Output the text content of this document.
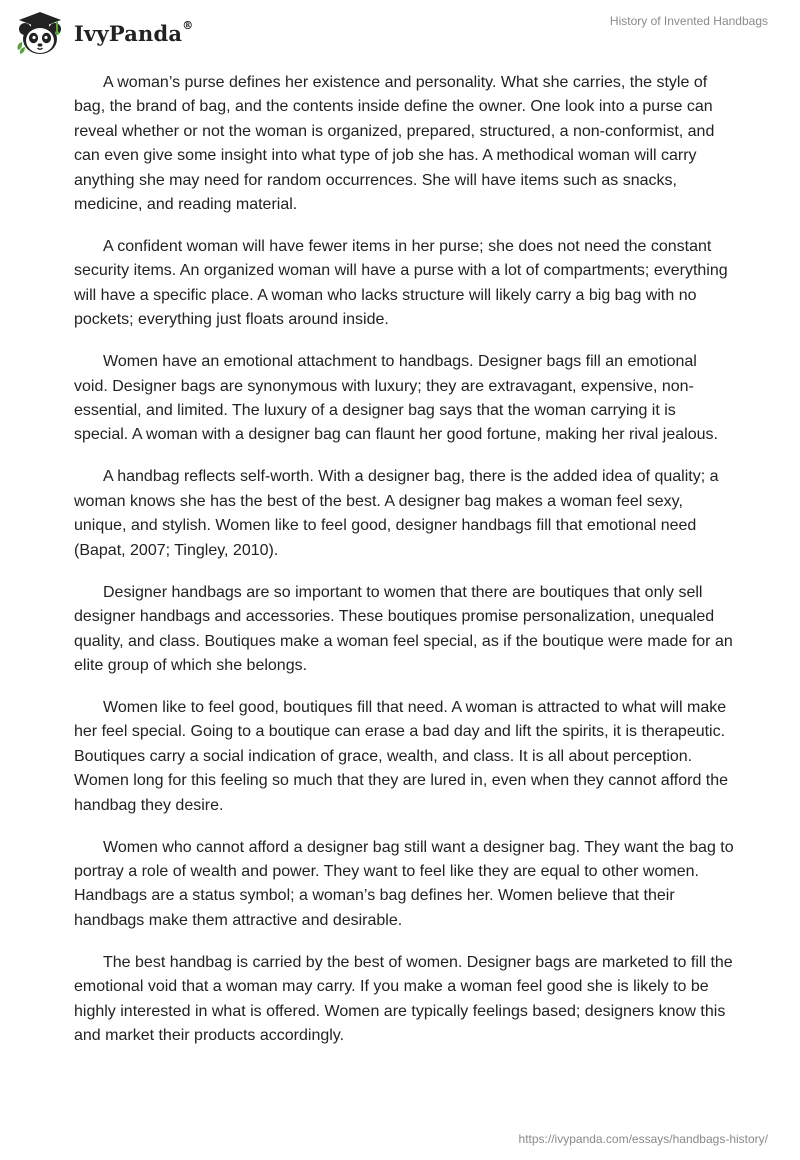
IvyPanda®	History of Invented Handbags

A woman’s purse defines her existence and personality. What she carries, the style of bag, the brand of bag, and the contents inside define the owner. One look into a purse can reveal whether or not the woman is organized, prepared, structured, a non-conformist, and can even give some insight into what type of job she has. A methodical woman will carry anything she may need for random occurrences. She will have items such as snacks, medicine, and reading material.

A confident woman will have fewer items in her purse; she does not need the constant security items. An organized woman will have a purse with a lot of compartments; everything will have a specific place. A woman who lacks structure will likely carry a big bag with no pockets; everything just floats around inside.

Women have an emotional attachment to handbags. Designer bags fill an emotional void. Designer bags are synonymous with luxury; they are extravagant, expensive, non-essential, and limited. The luxury of a designer bag says that the woman carrying it is special. A woman with a designer bag can flaunt her good fortune, making her rival jealous.

A handbag reflects self-worth. With a designer bag, there is the added idea of quality; a woman knows she has the best of the best. A designer bag makes a woman feel sexy, unique, and stylish. Women like to feel good, designer handbags fill that emotional need (Bapat, 2007; Tingley, 2010).

Designer handbags are so important to women that there are boutiques that only sell designer handbags and accessories. These boutiques promise personalization, unequaled quality, and class. Boutiques make a woman feel special, as if the boutique were made for an elite group of which she belongs.

Women like to feel good, boutiques fill that need. A woman is attracted to what will make her feel special. Going to a boutique can erase a bad day and lift the spirits, it is therapeutic. Boutiques carry a social indication of grace, wealth, and class. It is all about perception. Women long for this feeling so much that they are lured in, even when they cannot afford the handbag they desire.

Women who cannot afford a designer bag still want a designer bag. They want the bag to portray a role of wealth and power. They want to feel like they are equal to other women. Handbags are a status symbol; a woman’s bag defines her. Women believe that their handbags make them attractive and desirable.

The best handbag is carried by the best of women. Designer bags are marketed to fill the emotional void that a woman may carry. If you make a woman feel good she is likely to be highly interested in what is offered. Women are typically feelings based; designers know this and market their products accordingly.

https://ivypanda.com/essays/handbags-history/
